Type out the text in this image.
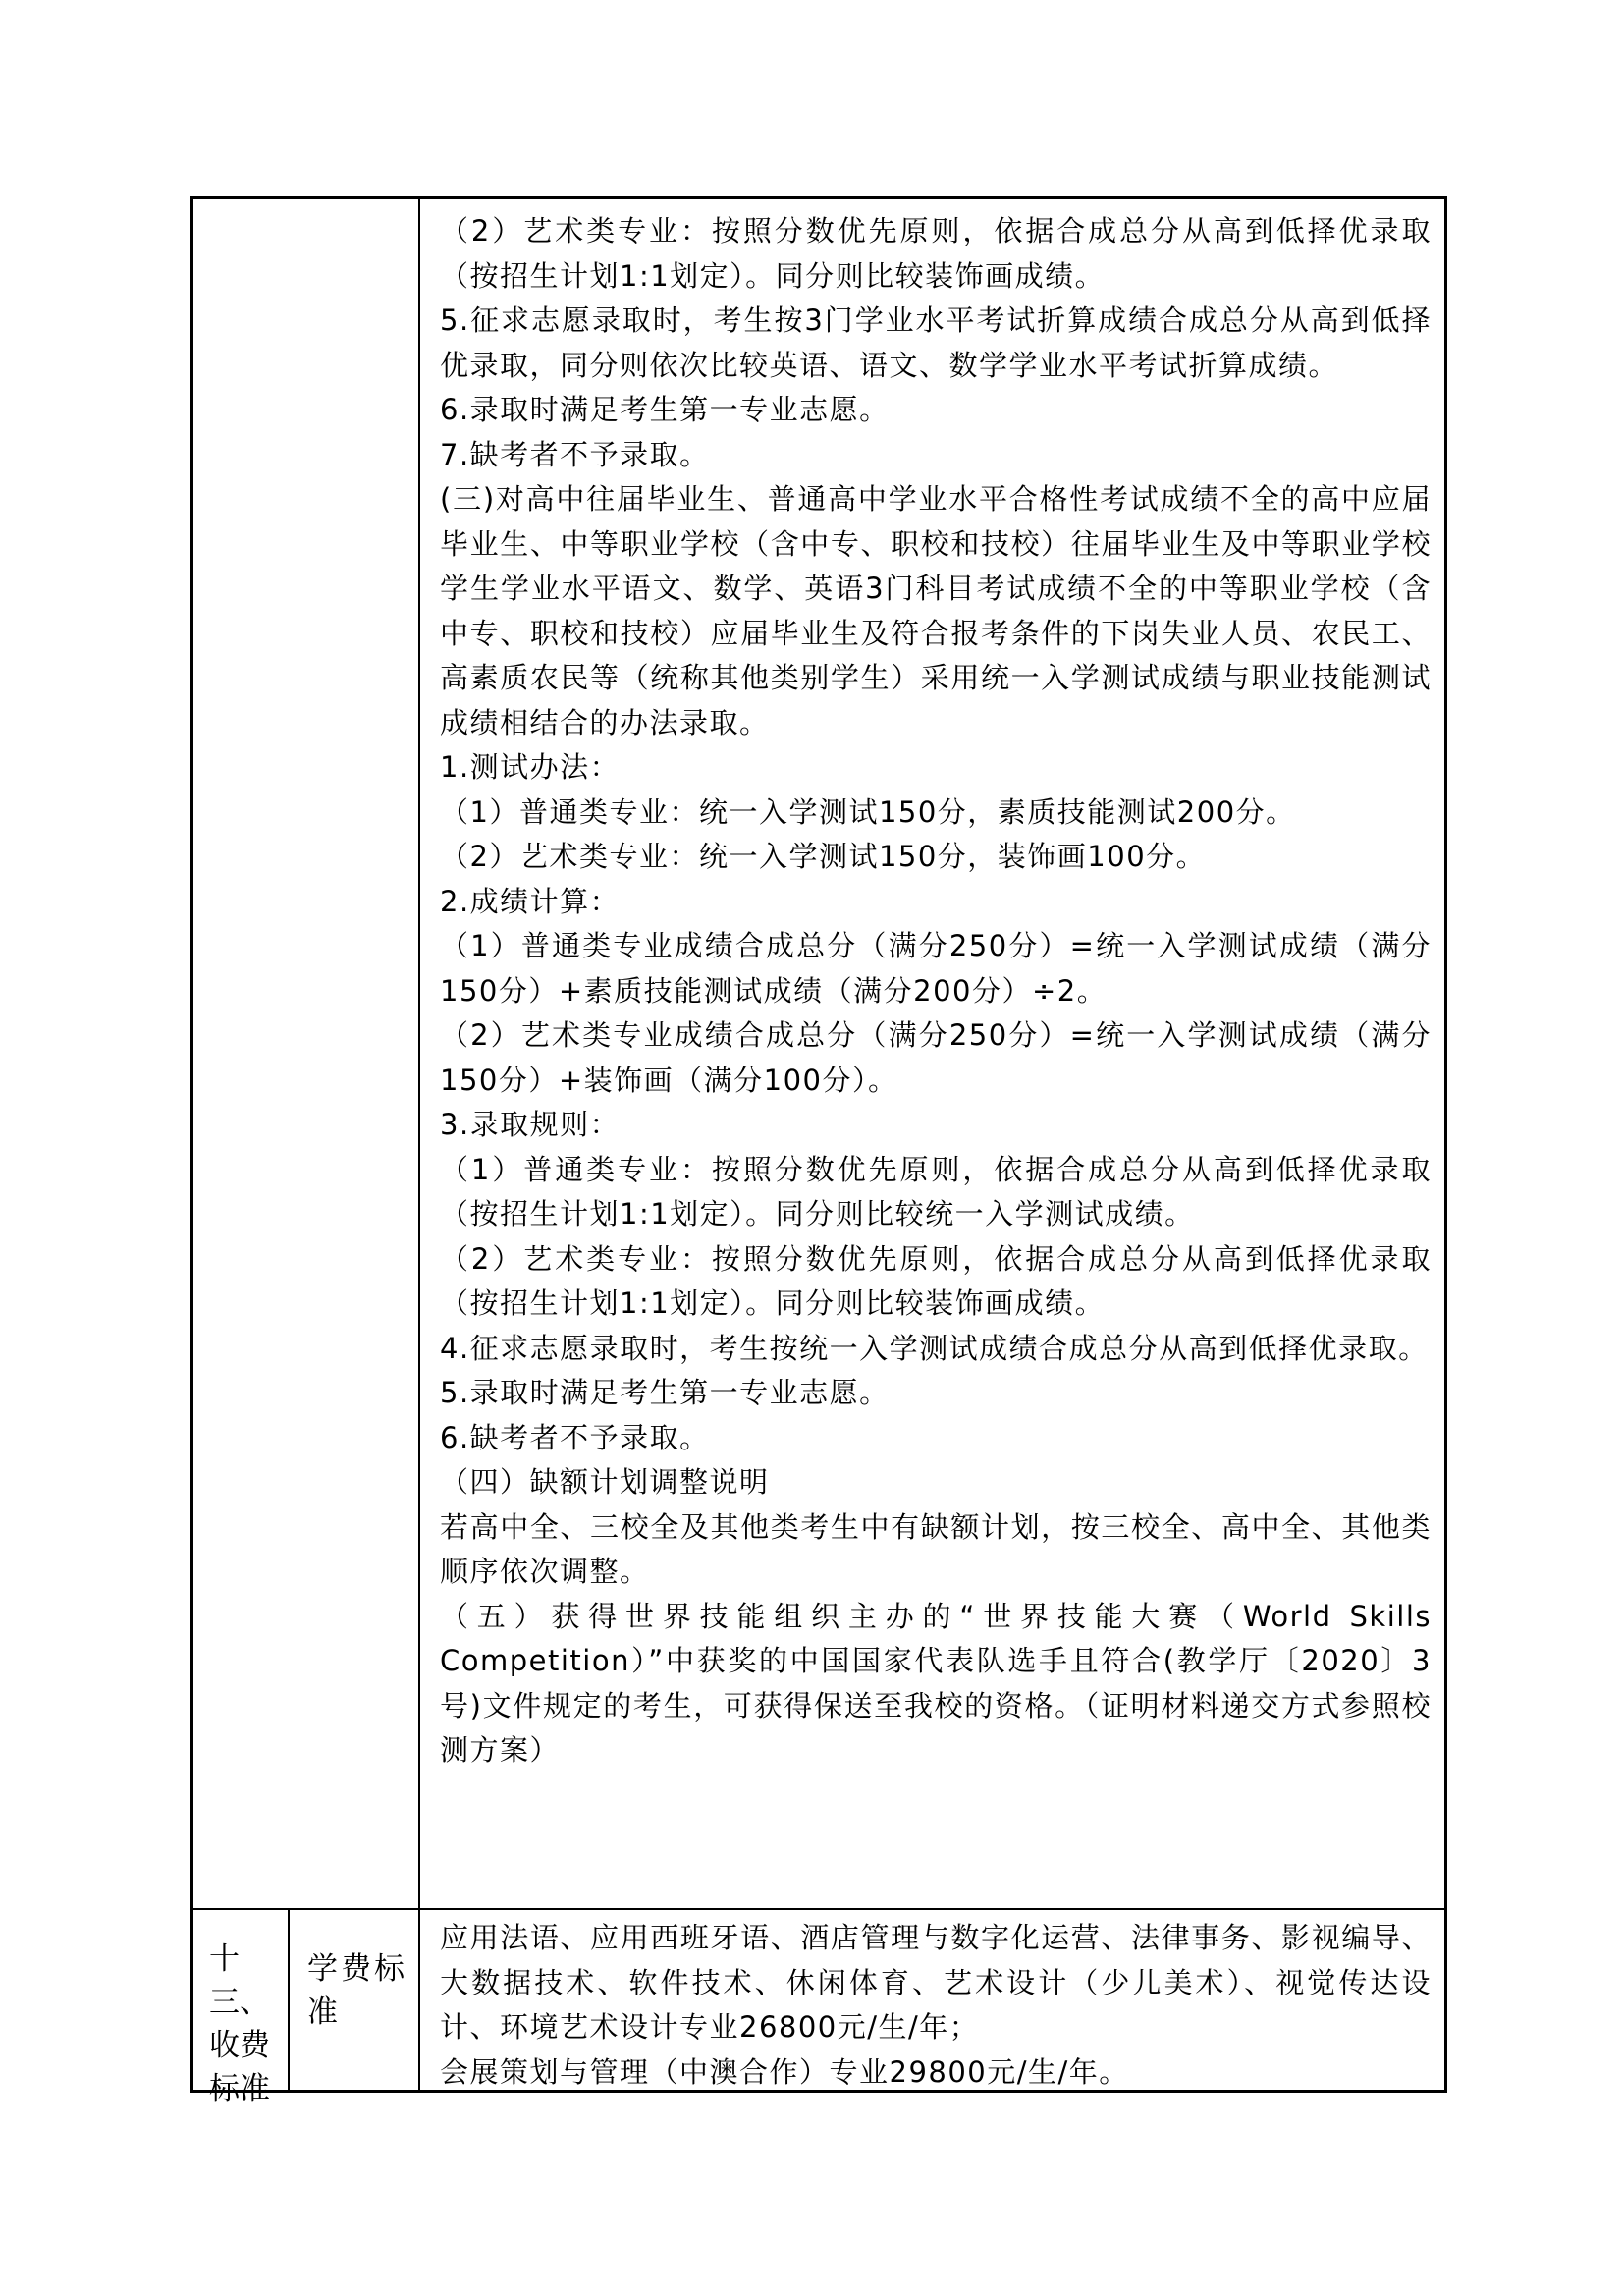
（2）艺术类专业：按照分数优先原则，依据合成总分从高到低择优录取（按招生计划1:1划定）。同分则比较装饰画成绩。

5.征求志愿录取时，考生按3门学业水平考试折算成绩合成总分从高到低择优录取，同分则依次比较英语、语文、数学学业水平考试折算成绩。

6.录取时满足考生第一专业志愿。

7.缺考者不予录取。

(三)对高中往届毕业生、普通高中学业水平合格性考试成绩不全的高中应届毕业生、中等职业学校（含中专、职校和技校）往届毕业生及中等职业学校学生学业水平语文、数学、英语3门科目考试成绩不全的中等职业学校（含中专、职校和技校）应届毕业生及符合报考条件的下岗失业人员、农民工、高素质农民等（统称其他类别学生）采用统一入学测试成绩与职业技能测试成绩相结合的办法录取。

1.测试办法：

（1）普通类专业：统一入学测试150分，素质技能测试200分。

（2）艺术类专业：统一入学测试150分，装饰画100分。

2.成绩计算：

（1）普通类专业成绩合成总分（满分250分）=统一入学测试成绩（满分150分）+素质技能测试成绩（满分200分）÷2。

（2）艺术类专业成绩合成总分（满分250分）=统一入学测试成绩（满分150分）+装饰画（满分100分）。

3.录取规则：

（1）普通类专业：按照分数优先原则，依据合成总分从高到低择优录取（按招生计划1:1划定）。同分则比较统一入学测试成绩。

（2）艺术类专业：按照分数优先原则，依据合成总分从高到低择优录取（按招生计划1:1划定）。同分则比较装饰画成绩。

4.征求志愿录取时，考生按统一入学测试成绩合成总分从高到低择优录取。

5.录取时满足考生第一专业志愿。

6.缺考者不予录取。

（四）缺额计划调整说明

若高中全、三校全及其他类考生中有缺额计划，按三校全、高中全、其他类顺序依次调整。

（五）获得世界技能组织主办的“世界技能大赛（World Skills Competition）”中获奖的中国国家代表队选手且符合(教学厅〔2020〕3号)文件规定的考生，可获得保送至我校的资格。（证明材料递交方式参照校测方案）

十
三、
收费
标准
学费标
准

应用法语、应用西班牙语、酒店管理与数字化运营、法律事务、影视编导、大数据技术、软件技术、休闲体育、艺术设计（少儿美术）、视觉传达设计、环境艺术设计专业26800元/生/年；

会展策划与管理（中澳合作）专业29800元/生/年。
